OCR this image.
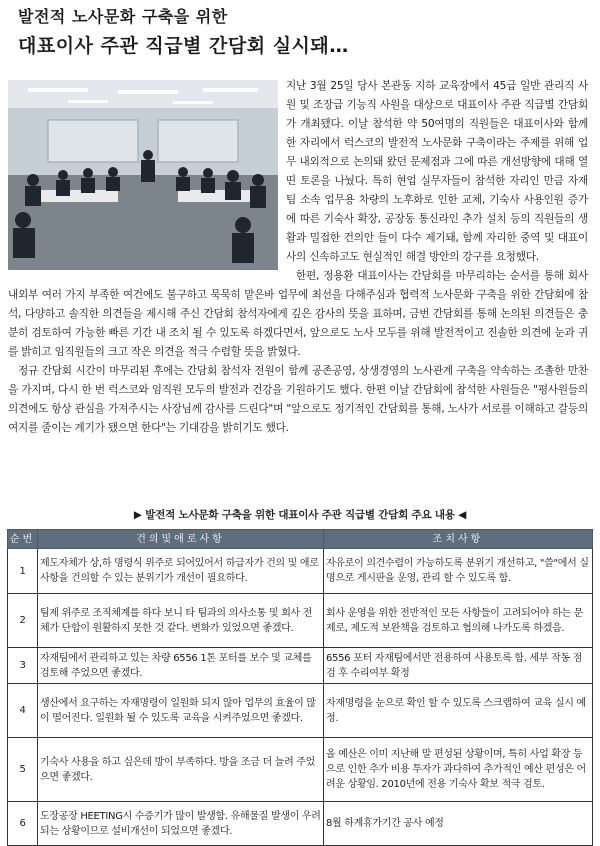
발전적 노사문화 구축을 위한
대표이사 주관 직급별 간담회 실시돼…

지난 3월 25일 당사 본관동 지하 교육장에서 45급 일반 관리직 사원 및 조장급 기능직 사원을 대상으로 대표이사 주관 직급별 간담회가 개최됐다. 이날 참석한 약 50여명의 직원들은 대표이사와 함께한 자리에서 럭스코의 발전적 노사문화 구축이라는 주제를 위해 업무 내외적으로 논의돼 왔던 문제점과 그에 따른 개선방향에 대해 열띤 토론을 나눴다. 특히 현업 실무자들이 참석한 자리인 만큼 자재팀 소속 업무용 차량의 노후화로 인한 교체, 기숙사 사용인원 증가에 따른 기숙사 확장, 공장동 통신라인 추가 설치 등의 직원들의 생활과 밀접한 건의안 들이 다수 제기돼, 함께 자리한 중역 및 대표이사의 신속하고도 현실적인 해결 방안의 강구를 요청했다.

한편, 정용환 대표이사는 간담회를 마무리하는 순서를 통해 회사 내외부 여러 가지 부족한 여건에도 불구하고 묵묵히 맡은바 업무에 최선을 다해주심과 협력적 노사문화 구축을 위한 간담회에 참석, 다양하고 솔직한 의견들을 제시해 주신 간담회 참석자에게 깊은 감사의 뜻을 표하며, 금번 간담회를 통해 논의된 의견들은 충분히 검토하여 가능한 빠른 기간 내 조치 될 수 있도록 하겠다면서, 앞으로도 노사 모두를 위해 발전적이고 진솔한 의견에 눈과 귀를 밝히고 임직원들의 크고 작은 의견을 적극 수렴할 뜻을 밝혔다.

정규 간담회 시간이 마무리된 후에는 간담회 참석자 전원이 함께 공존공영, 상생경영의 노사관계 구축을 약속하는 조촐한 만찬을 가지며, 다시 한 번 럭스코와 임직원 모두의 발전과 건강을 기원하기도 했다. 한편 이날 간담회에 참석한 사원들은 "평사원들의 의견에도 항상 관심을 가져주시는 사장님께 감사를 드린다"며 "앞으로도 정기적인 간담회를 통해, 노사가 서로를 이해하고 갈등의 여지를 줄이는 계기가 됐으면 한다"는 기대감을 밝히기도 했다.

▶ 발전적 노사문화 구축을 위한 대표이사 주관 직급별 간담회 주요 내용 ◀
순번	건의및애로사항	조치사항
1	제도자체가 상,하 명령식 위주로 되어있어서 하급자가 건의 및 애로사항을 건의할 수 있는 분위기가 개선이 필요하다.	자유로이 의견수렴이 가능하도록 분위기 개선하고, "쓸"에서 실명으로 게시판을 운영, 관리 할 수 있도록 함.
2	팀제 위주로 조직체계를 하다 보니 타 팀과의 의사소통 및 회사 전체가 단합이 원활하지 못한 것 같다. 변화가 있었으면 좋겠다.	회사 운영을 위한 전반적인 모든 사항들이 고려되어야 하는 문제로, 제도적 보완책을 검토하고 협의해 나가도록 하겠음.
3	자재팀에서 관리하고 있는 차량 6556 1톤 포터를 보수 및 교체를 검토해 주었으면 좋겠다.	6556 포터 자재팀에서만 전용하여 사용토록 함. 세부 작동 점검 후 수리여부 확정
4	생산에서 요구하는 자재명령이 일원화 되지 않아 업무의 효율이 많이 떨어진다. 일원화 될 수 있도록 교육을 시켜주었으면 좋겠다.	자재명령을 눈으로 확인 할 수 있도록 스크랩하여 교육 실시 예정.
5	기숙사 사용을 하고 싶은데 방이 부족하다. 방을 조금 더 늘려 주었으면 좋겠다.	올 예산은 이미 지난해 말 편성된 상황이며, 특히 사업 확장 등으로 인한 추가 비용 투자가 과다하여 추가적인 예산 편성은 어려운 상황임. 2010년에 전용 기숙사 확보 적극 검토.
6	도장공장 HEETING시 수증기가 많이 발생함. 유해물질 발생이 우려되는 상황이므로 설비개선이 되었으면 좋겠다.	8월 하계휴가기간 공사 예정
